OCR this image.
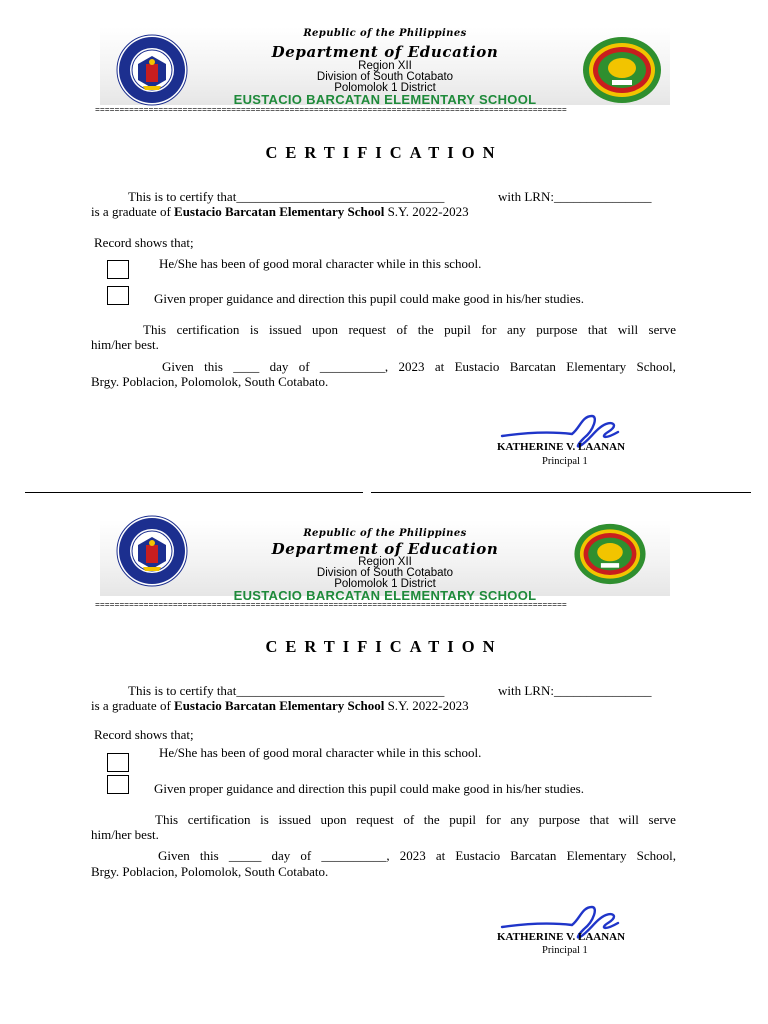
Republic of the Philippines
Department of Education
Region XII
Division of South Cotabato
Polomolok 1 District
EUSTACIO BARCATAN ELEMENTARY SCHOOL
=================================================================================================
CERTIFICATION
This is to certify that________________________________	with LRN:_______________
is a graduate of Eustacio Barcatan Elementary School S.Y. 2022-2023
Record shows that;
He/She has been of good moral character while in this school.
Given proper guidance and direction this pupil could make good in his/her studies.
This certification is issued upon request of the pupil for any purpose that will serve
him/her best.
Given this ____ day of __________, 2023 at Eustacio Barcatan Elementary School,
Brgy. Poblacion, Polomolok, South Cotabato.
KATHERINE V. LAANAN
Principal 1
Republic of the Philippines
Department of Education
Region XII
Division of South Cotabato
Polomolok 1 District
EUSTACIO BARCATAN ELEMENTARY SCHOOL
=================================================================================================
CERTIFICATION
This is to certify that________________________________	with LRN:_______________
is a graduate of Eustacio Barcatan Elementary School S.Y. 2022-2023
Record shows that;
He/She has been of good moral character while in this school.
Given proper guidance and direction this pupil could make good in his/her studies.
This certification is issued upon request of the pupil for any purpose that will serve
him/her best.
Given this _____ day of __________, 2023 at Eustacio Barcatan Elementary School,
Brgy. Poblacion, Polomolok, South Cotabato.
KATHERINE V. LAANAN
Principal 1
